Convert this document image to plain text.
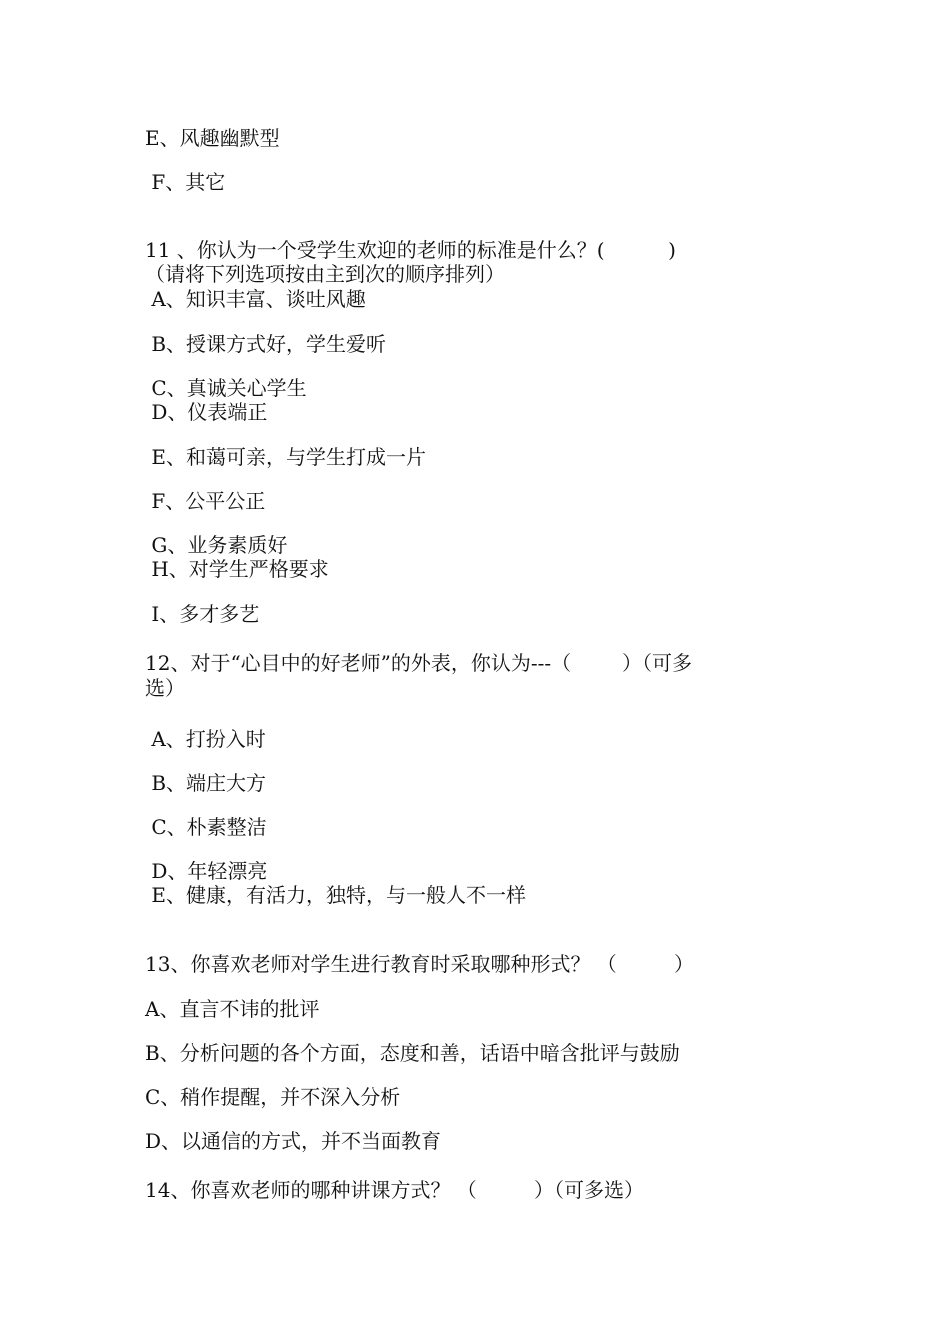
E、风趣幽默型
F、其它
11 、你认为一个受学生欢迎的老师的标准是什么？(          )
（请将下列选项按由主到次的顺序排列）
A、知识丰富、谈吐风趣
B、授课方式好，学生爱听
C、真诚关心学生
D、仪表端正
E、和蔼可亲，与学生打成一片
F、公平公正
G、业务素质好
H、对学生严格要求
I、多才多艺
12、对于“心目中的好老师”的外表，你认为---（        ）（可多
选）
A、打扮入时
B、端庄大方
C、朴素整洁
D、年轻漂亮
E、健康，有活力，独特，与一般人不一样
13、你喜欢老师对学生进行教育时采取哪种形式？ （         ）
A、直言不讳的批评
B、分析问题的各个方面，态度和善，话语中暗含批评与鼓励
C、稍作提醒，并不深入分析
D、以通信的方式，并不当面教育
14、你喜欢老师的哪种讲课方式？ （         ）（可多选）
